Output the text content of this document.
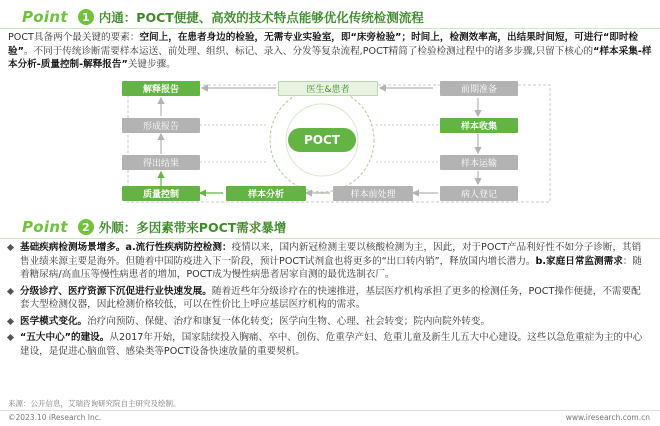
Point	1 内通：POCT便捷、高效的技术特点能够优化传统检测流程
POCT具备两个最关键的要素：空间上，在患者身边的检验，无需专业实验室，即“床旁检验”；时间上，检测效率高，出结果时间短，可进行“即时检验”。不同于传统诊断需要样本运送、前处理、组织、标记、录入、分发等复杂流程,POCT精简了检验检测过程中的诸多步骤,只留下核心的“样本采集-样本分析-质量控制-解释报告”关键步骤。
解释报告
形成报告
得出结果
质量控制	样本分析	样本前处理	病人登记
样本运输
样本收集
前期准备
医生&患者
POCT
Point	2 外顺：多因素带来POCT需求暴增
基础疾病检测场景增多。a.流行性疾病防控检测：疫情以来，国内新冠检测主要以核酸检测为主，因此，对于POCT产品利好性不如分子诊断，其销售业绩来源主要是海外。但随着中国防疫进入下一阶段，预计POCT试剂盒也将更多的“出口转内销”，释放国内增长潜力。b.家庭日常监测需求：随着糖尿病/高血压等慢性病患者的增加，POCT成为慢性病患者居家自测的最优选制衣厂。
分级诊疗、医疗资源下沉促进行业快速发展。随着近些年分级诊疗在的快速推进，基层医疗机构承担了更多的检测任务，POCT操作便捷，不需要配套大型检测仪器，因此检测价格较低，可以在性价比上呼应基层医疗机构的需求。
医学模式变化。治疗向预防、保健、治疗和康复一体化转变；医学向生物、心理、社会转变；院内向院外转变。
“五大中心”的建设。从2017年开始，国家陆续投入胸痛、卒中、创伤、危重孕产妇、危重儿童及新生儿五大中心建设。这些以急危重症为主的中心建设，是促进心脑血管、感染类等POCT设备快速放量的重要契机。
来源：公开信息，艾瑞咨询研究院自主研究及绘制。
©2023.10 iResearch Inc.	www.iresearch.com.cn
